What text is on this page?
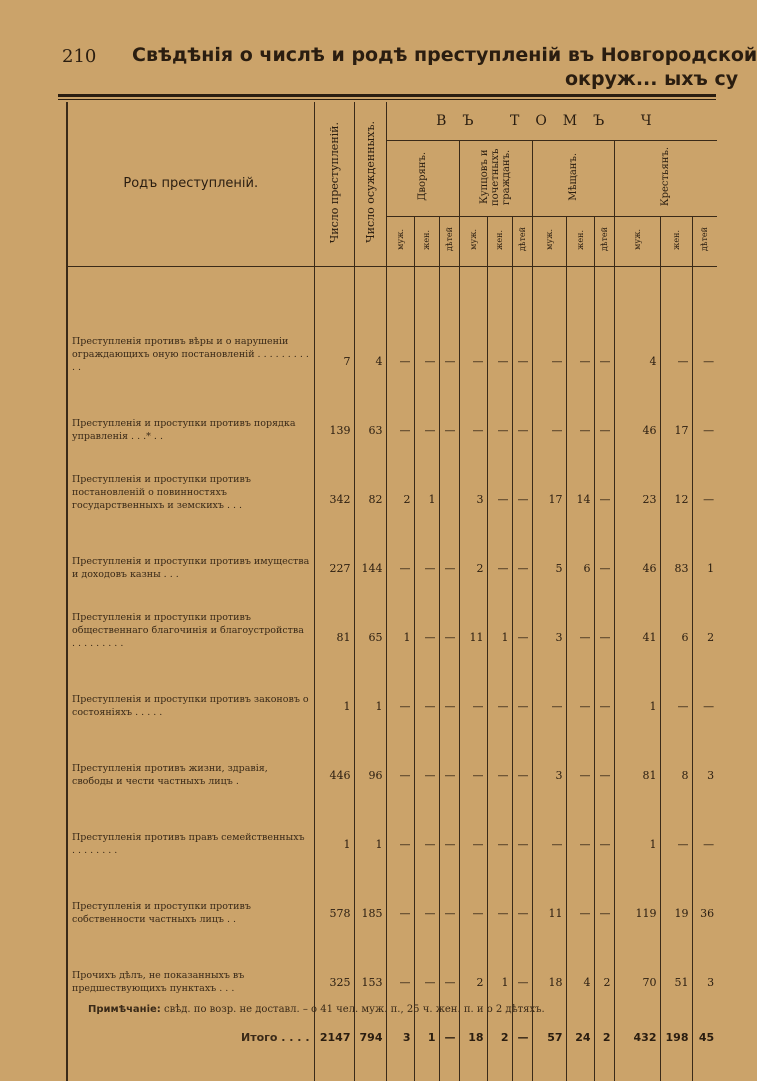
210 Свѣдѣнія о числѣ и родѣ преступленій въ Новгородской
окруж... ыхъ су
Родъ преступленій.	Число преступленій.	Число осужденныхъ.	ВЪ ТОМЪ Ч											
			Дворянъ.			Купцовъ и почетныхъ гражданъ.			Мѣщанъ.			Крестьянъ.		
			муж.	жен.	дѣтей	муж.	жен.	дѣтей	муж.	жен.	дѣтей	муж.	жен.	дѣтей

Преступленія противъ вѣры и о нарушеніи ограждающихъ оную постановленій . . . . . . . . . . .	7	4	—	—	—	—	—	—	—	—	—	4	—	—
Преступленія и проступки противъ порядка управленія . . .* . .	139	63	—	—	—	—	—	—	—	—	—	46	17	—
Преступленія и проступки противъ постановленій о повинностяхъ государственныхъ и земскихъ . . .	342	82	2	1		3	—	—	17	14	—	23	12	—
Преступленія и проступки противъ имущества и доходовъ казны . . .	227	144	—	—	—	2	—	—	5	6	—	46	83	1
Преступленія и проступки противъ общественнаго благочинія и благоустройства . . . . . . . . .	81	65	1	—	—	11	1	—	3	—	—	41	6	2
Преступленія и проступки противъ законовъ о состояніяхъ . . . . .	1	1	—	—	—	—	—	—	—	—	—	1	—	—
Преступленія противъ жизни, здравія, свободы и чести частныхъ лицъ .	446	96	—	—	—	—	—	—	3	—	—	81	8	3
Преступленія противъ правъ семейственныхъ . . . . . . . .	1	1	—	—	—	—	—	—	—	—	—	1	—	—
Преступленія и проступки противъ собственности частныхъ лицъ . .	578	185	—	—	—	—	—	—	11	—	—	119	19	36
Прочихъ дѣлъ, не показанныхъ въ предшествующихъ пунктахъ . . .	325	153	—	—	—	2	1	—	18	4	2	70	51	3
Итого . . . .	2147	794	3	1	—	18	2	—	57	24	2	432	198	45
Примѣчаніе: свѣд. по возр. не доставл. – о 41 чел. муж. п., 25 ч. жен. п. и о 2 дѣтяхъ.
